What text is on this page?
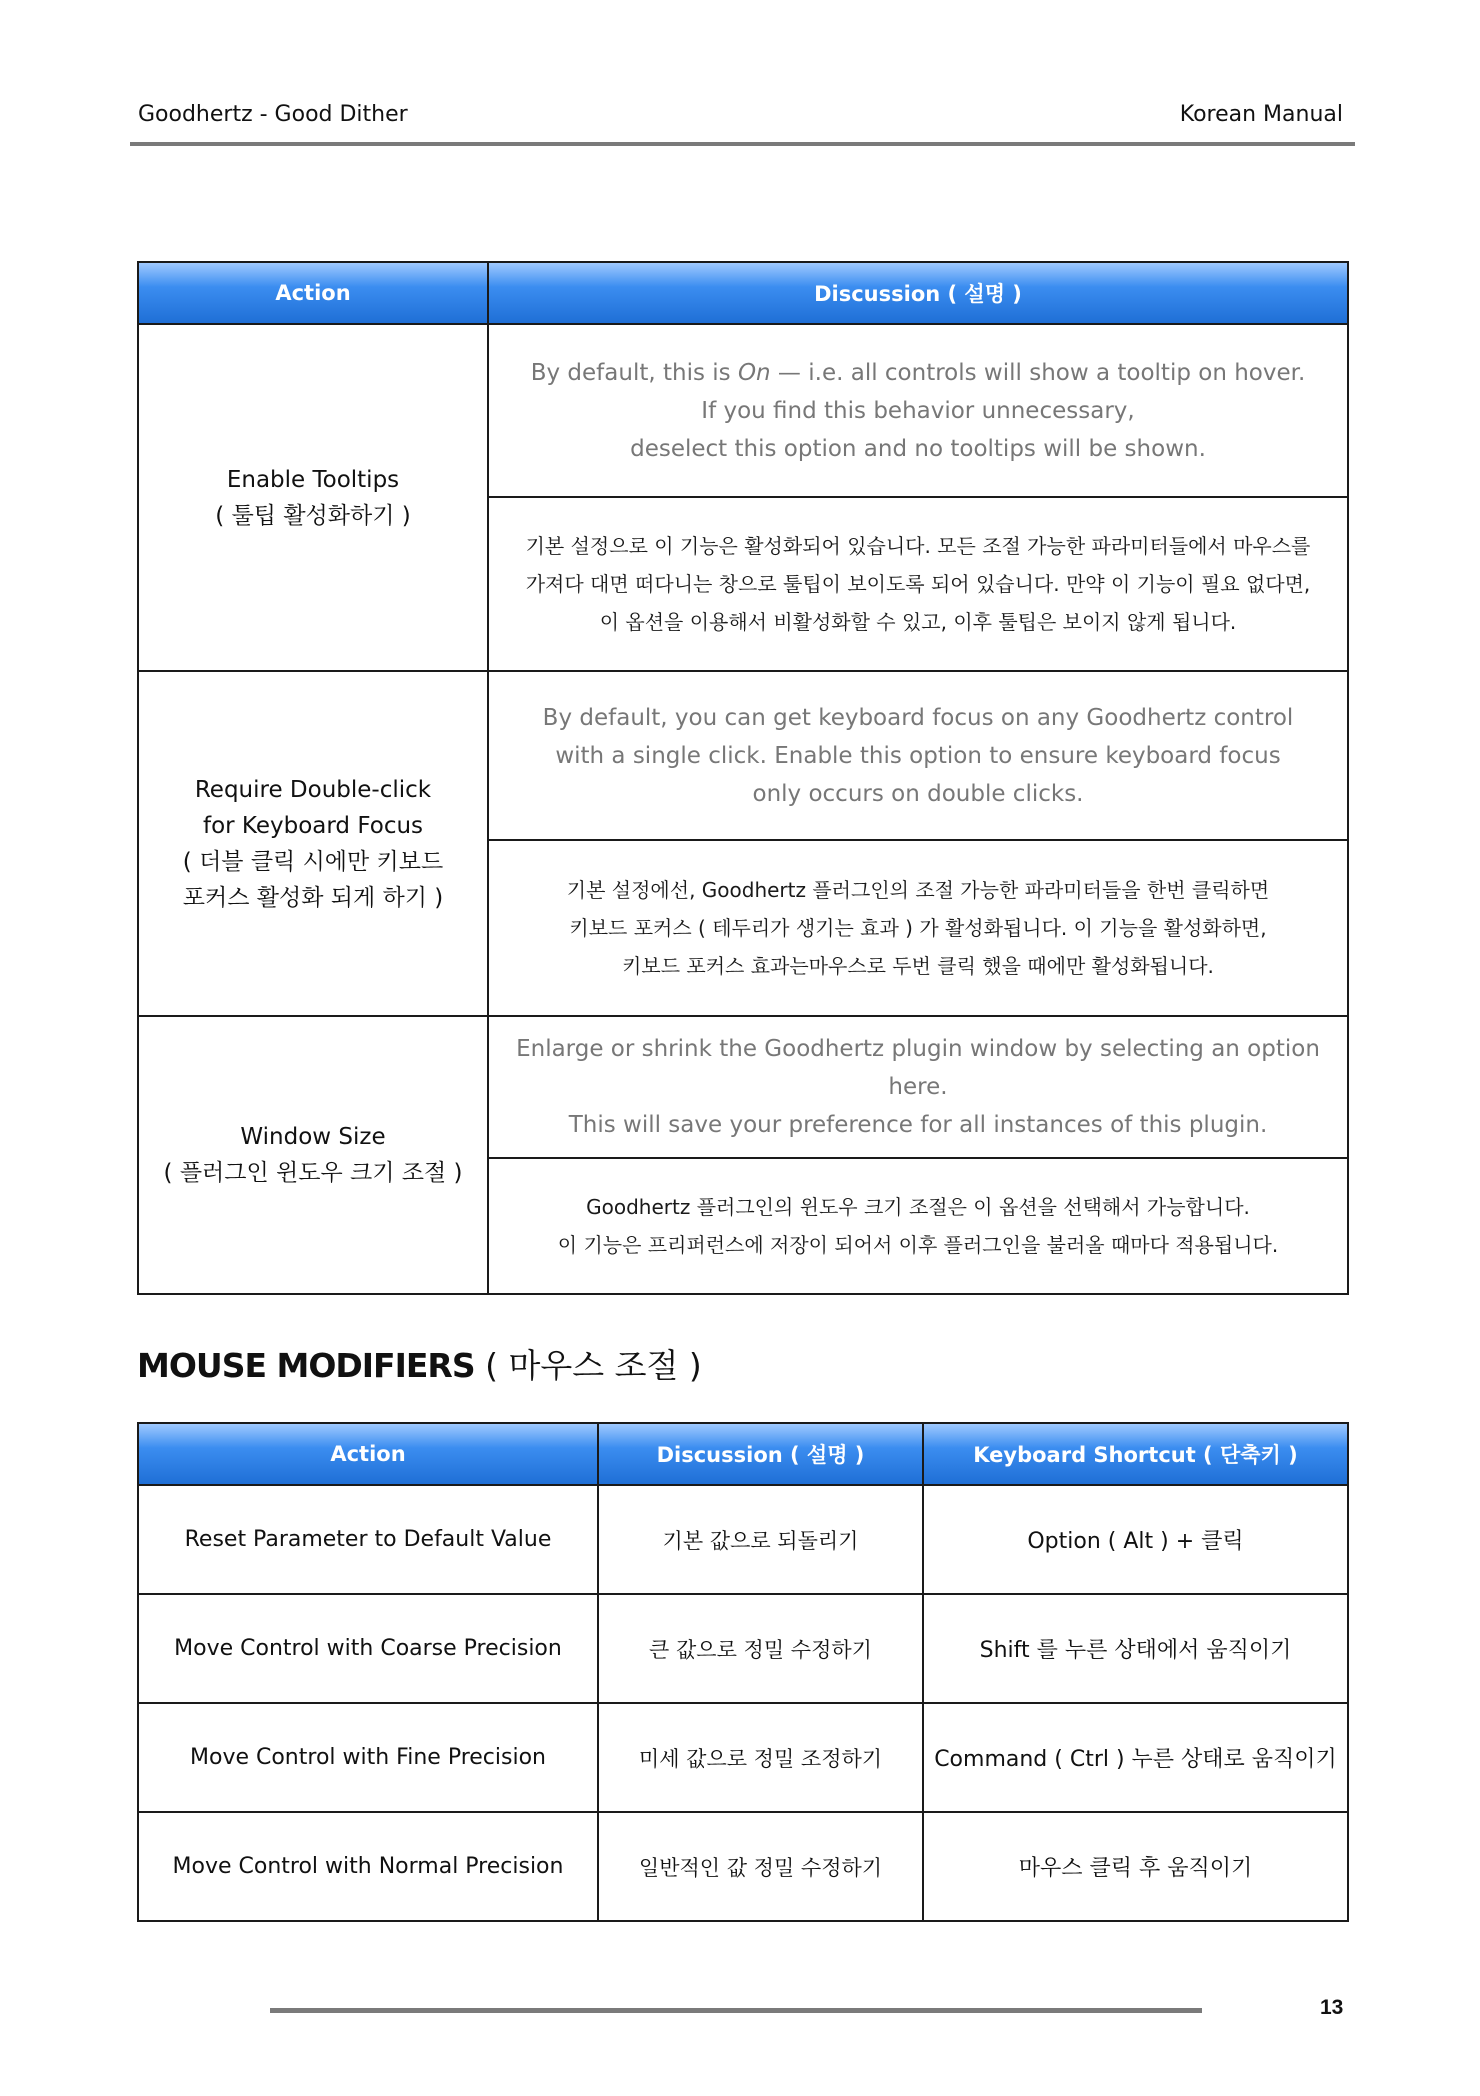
Goodhertz - Good Dither	Korean Manual
Action	Discussion ( 설명 )

Enable Tooltips
( 툴팁 활성화하기 )	By default, this is On — i.e. all controls will show a tooltip on hover.
If you find this behavior unnecessary,
deselect this option and no tooltips will be shown.

	기본 설정으로 이 기능은 활성화되어 있습니다. 모든 조절 가능한 파라미터들에서 마우스를
가져다 대면 떠다니는 창으로 툴팁이 보이도록 되어 있습니다. 만약 이 기능이 필요 없다면,
이 옵션을 이용해서 비활성화할 수 있고, 이후 툴팁은 보이지 않게 됩니다.

Require Double-click
for Keyboard Focus
( 더블 클릭 시에만 키보드
포커스 활성화 되게 하기 )	By default, you can get keyboard focus on any Goodhertz control
with a single click. Enable this option to ensure keyboard focus
only occurs on double clicks.

	기본 설정에선, Goodhertz 플러그인의 조절 가능한 파라미터들을 한번 클릭하면
키보드 포커스 ( 테두리가 생기는 효과 ) 가 활성화됩니다. 이 기능을 활성화하면,
키보드 포커스 효과는마우스로 두번 클릭 했을 때에만 활성화됩니다.

Window Size
( 플러그인 윈도우 크기 조절 )	Enlarge or shrink the Goodhertz plugin window by selecting an option here.
This will save your preference for all instances of this plugin.

	Goodhertz 플러그인의 윈도우 크기 조절은 이 옵션을 선택해서 가능합니다.
이 기능은 프리퍼런스에 저장이 되어서 이후 플러그인을 불러올 때마다 적용됩니다.
MOUSE MODIFIERS ( 마우스 조절 )
Action	Discussion ( 설명 )	Keyboard Shortcut ( 단축키 )
Reset Parameter to Default Value	기본 값으로 되돌리기	Option ( Alt ) + 클릭
Move Control with Coarse Precision	큰 값으로 정밀 수정하기	Shift 를 누른 상태에서 움직이기
Move Control with Fine Precision	미세 값으로 정밀 조정하기	Command ( Ctrl ) 누른 상태로 움직이기
Move Control with Normal Precision	일반적인 값 정밀 수정하기	마우스 클릭 후 움직이기
13
